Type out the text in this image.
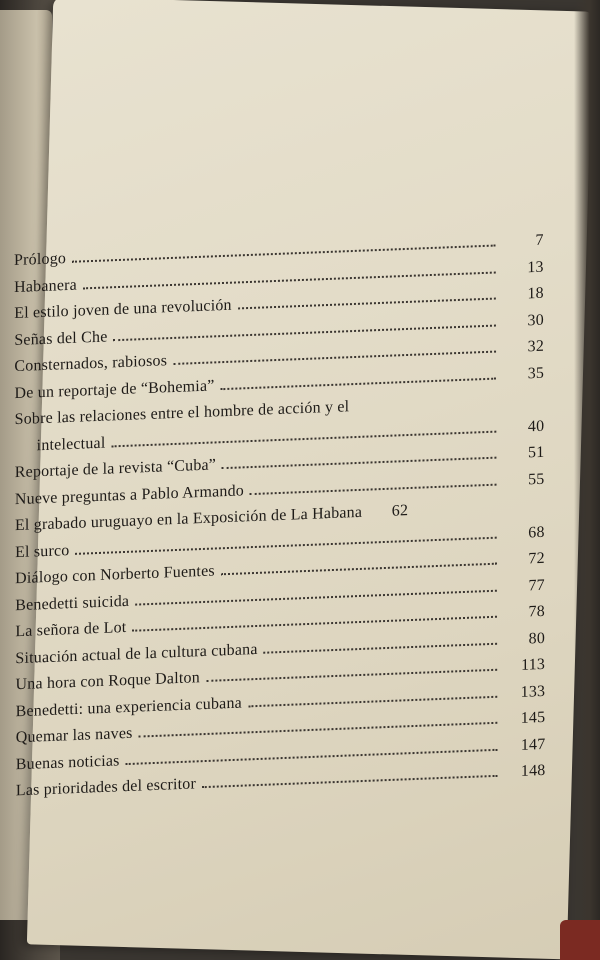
Prólogo
7
Habanera
13
El estilo joven de una revolución
18
Señas del Che
30
Consternados, rabiosos
32
De un reportaje de “Bohemia”
35
Sobre las relaciones entre el hombre de acción y el
intelectual
40
Reportaje de la revista “Cuba”
51
Nueve preguntas a Pablo Armando
55
El grabado uruguayo en la Exposición de La Habana	62
El surco
68
Diálogo con Norberto Fuentes
72
Benedetti suicida
77
La señora de Lot
78
Situación actual de la cultura cubana
80
Una hora con Roque Dalton
113
Benedetti: una experiencia cubana
133
Quemar las naves
145
Buenas noticias
147
Las prioridades del escritor
148
